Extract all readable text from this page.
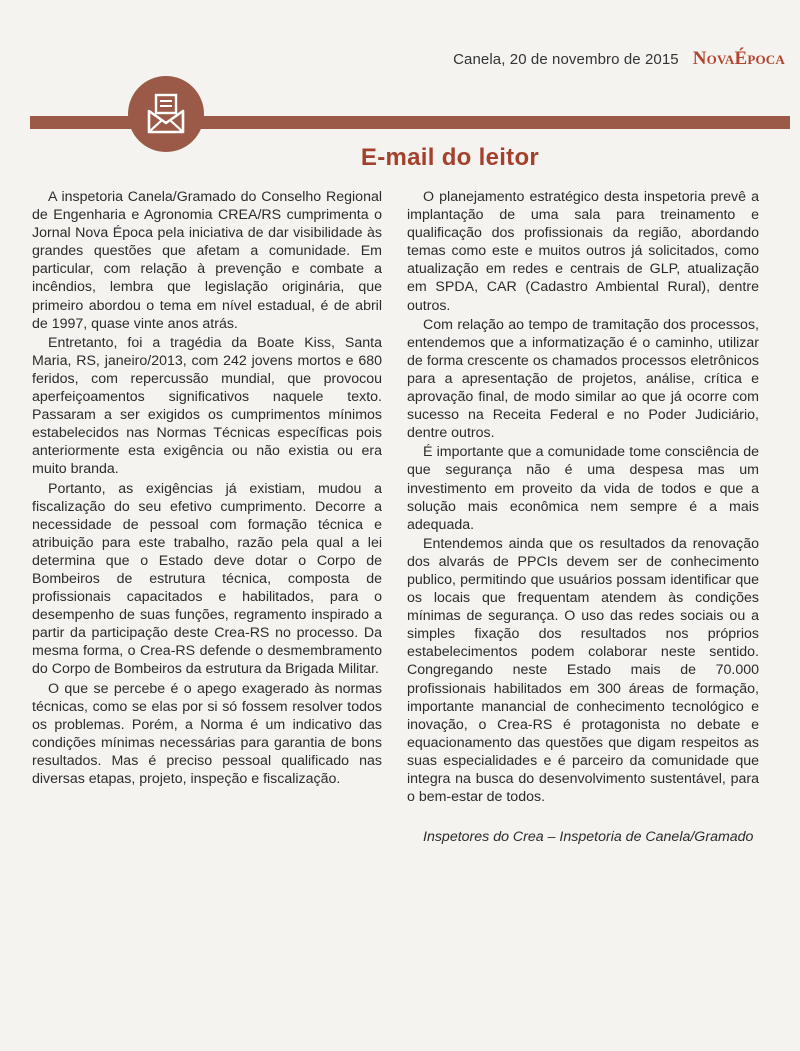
Canela, 20 de novembro de 2015 NovaÉpoca
E-mail do leitor

A inspetoria Canela/Gramado do Conselho Regional de Engenharia e Agronomia CREA/RS cumprimenta o Jornal Nova Época pela iniciativa de dar visibilidade às grandes questões que afetam a comunidade. Em particular, com relação à prevenção e combate a incêndios, lembra que legislação originária, que primeiro abordou o tema em nível estadual, é de abril de 1997, quase vinte anos atrás.

Entretanto, foi a tragédia da Boate Kiss, Santa Maria, RS, janeiro/2013, com 242 jovens mortos e 680 feridos, com repercussão mundial, que provocou aperfeiçoamentos significativos naquele texto. Passaram a ser exigidos os cumprimentos mínimos estabelecidos nas Normas Técnicas específicas pois anteriormente esta exigência ou não existia ou era muito branda.

Portanto, as exigências já existiam, mudou a fiscalização do seu efetivo cumprimento. Decorre a necessidade de pessoal com formação técnica e atribuição para este trabalho, razão pela qual a lei determina que o Estado deve dotar o Corpo de Bombeiros de estrutura técnica, composta de profissionais capacitados e habilitados, para o desempenho de suas funções, regramento inspirado a partir da participação deste Crea-RS no processo. Da mesma forma, o Crea-RS defende o desmembramento do Corpo de Bombeiros da estrutura da Brigada Militar.

O que se percebe é o apego exagerado às normas técnicas, como se elas por si só fossem resolver todos os problemas. Porém, a Norma é um indicativo das condições mínimas necessárias para garantia de bons resultados. Mas é preciso pessoal qualificado nas diversas etapas, projeto, inspeção e fiscalização.

O planejamento estratégico desta inspetoria prevê a implantação de uma sala para treinamento e qualificação dos profissionais da região, abordando temas como este e muitos outros já solicitados, como atualização em redes e centrais de GLP, atualização em SPDA, CAR (Cadastro Ambiental Rural), dentre outros.

Com relação ao tempo de tramitação dos processos, entendemos que a informatização é o caminho, utilizar de forma crescente os chamados processos eletrônicos para a apresentação de projetos, análise, crítica e aprovação final, de modo similar ao que já ocorre com sucesso na Receita Federal e no Poder Judiciário, dentre outros.

É importante que a comunidade tome consciência de que segurança não é uma despesa mas um investimento em proveito da vida de todos e que a solução mais econômica nem sempre é a mais adequada.

Entendemos ainda que os resultados da renovação dos alvarás de PPCIs devem ser de conhecimento publico, permitindo que usuários possam identificar que os locais que frequentam atendem às condições mínimas de segurança. O uso das redes sociais ou a simples fixação dos resultados nos próprios estabelecimentos podem colaborar neste sentido. Congregando neste Estado mais de 70.000 profissionais habilitados em 300 áreas de formação, importante manancial de conhecimento tecnológico e inovação, o Crea-RS é protagonista no debate e equacionamento das questões que digam respeitos as suas especialidades e é parceiro da comunidade que integra na busca do desenvolvimento sustentável, para o bem-estar de todos.

Inspetores do Crea – Inspetoria de Canela/Gramado
